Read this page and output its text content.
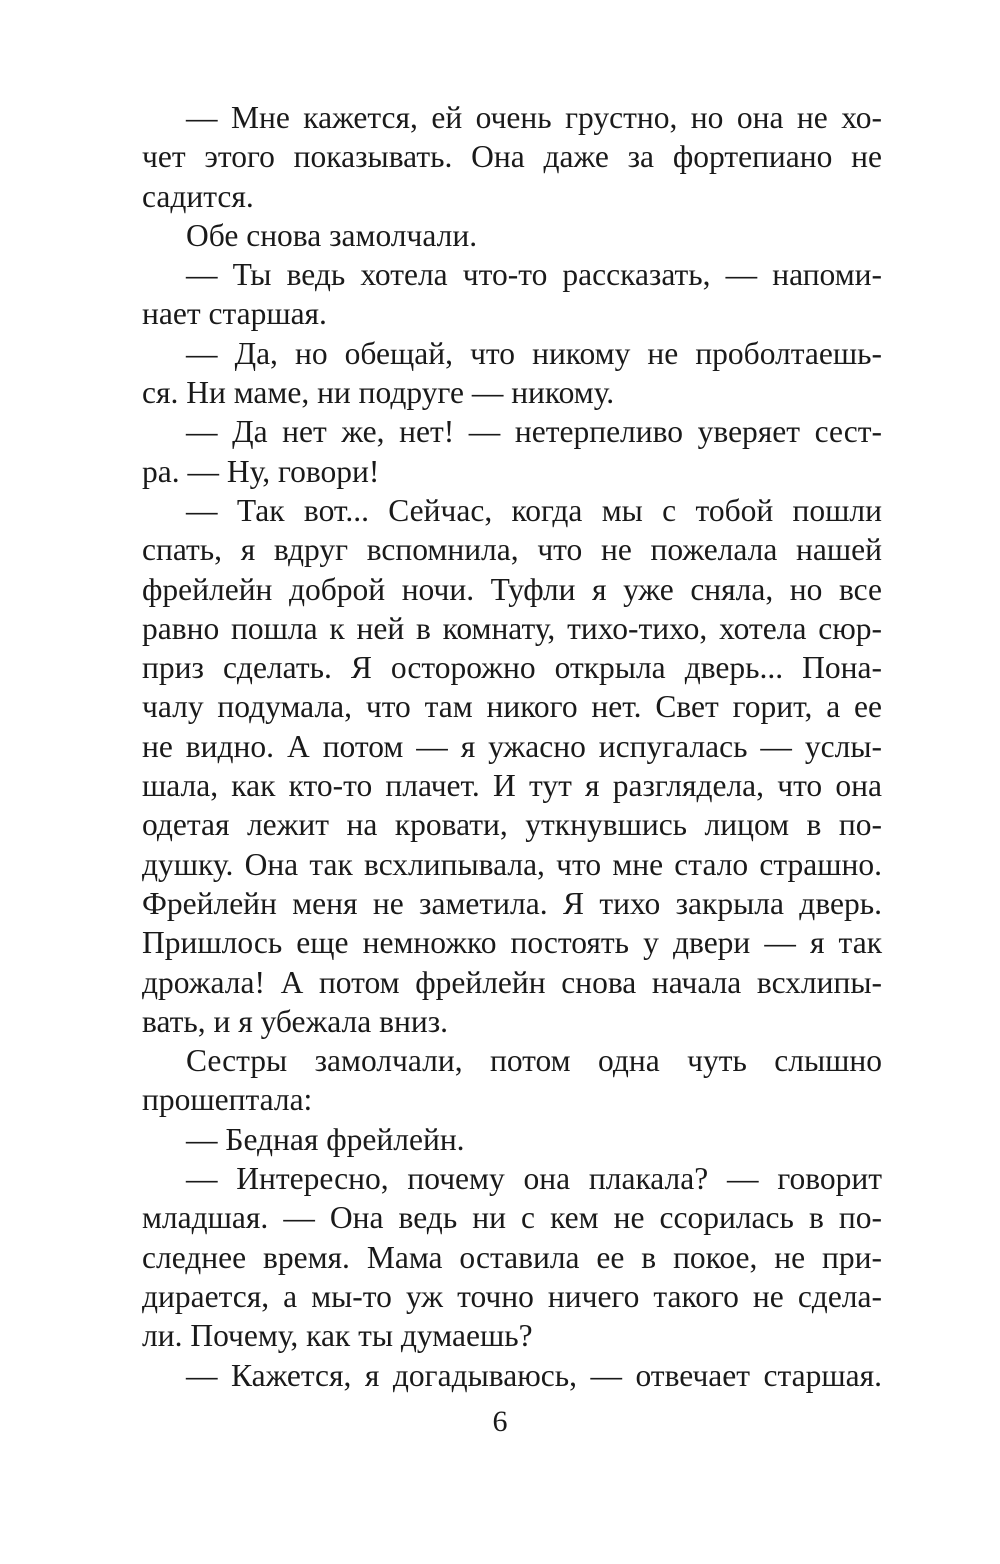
— Мне кажется, ей очень грустно, но она не хо-
чет этого показывать. Она даже за фортепиано не
садится.
Обе снова замолчали.
— Ты ведь хотела что-то рассказать, — напоми-
нает старшая.
— Да, но обещай, что никому не проболтаешь-
ся. Ни маме, ни подруге — никому.
— Да нет же, нет! — нетерпеливо уверяет сест-
ра. — Ну, говори!
— Так вот... Сейчас, когда мы с тобой пошли
спать, я вдруг вспомнила, что не пожелала нашей
фрейлейн доброй ночи. Туфли я уже сняла, но все
равно пошла к ней в комнату, тихо-тихо, хотела сюр-
приз сделать. Я осторожно открыла дверь... Пона-
чалу подумала, что там никого нет. Свет горит, а ее
не видно. А потом — я ужасно испугалась — услы-
шала, как кто-то плачет. И тут я разглядела, что она
одетая лежит на кровати, уткнувшись лицом в по-
душку. Она так всхлипывала, что мне стало страшно.
Фрейлейн меня не заметила. Я тихо закрыла дверь.
Пришлось еще немножко постоять у двери — я так
дрожала! А потом фрейлейн снова начала всхлипы-
вать, и я убежала вниз.
Сестры замолчали, потом одна чуть слышно
прошептала:
— Бедная фрейлейн.
— Интересно, почему она плакала? — говорит
младшая. — Она ведь ни с кем не ссорилась в по-
следнее время. Мама оставила ее в покое, не при-
дирается, а мы-то уж точно ничего такого не сдела-
ли. Почему, как ты думаешь?
— Кажется, я догадываюсь, — отвечает старшая.
6
